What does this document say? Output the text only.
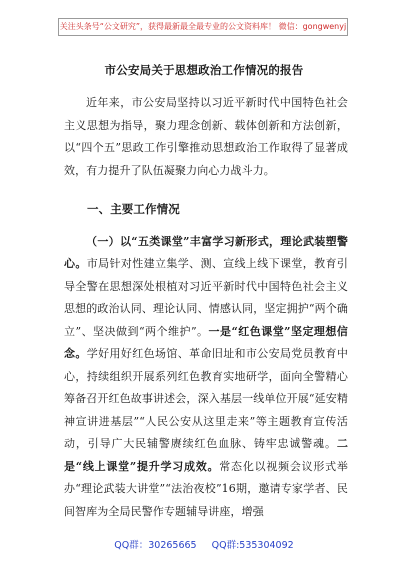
关注头条号“公文研究”，获得最新最全最专业的公文资料库！ 微信：gongwenyj
市公安局关于思想政治工作情况的报告

近年来，市公安局坚持以习近平新时代中国特色社会主义思想为指导，聚力理念创新、载体创新和方法创新，以“四个五”思政工作引擎推动思想政治工作取得了显著成效，有力提升了队伍凝聚力向心力战斗力。

一、主要工作情况

（一）以“五类课堂”丰富学习新形式，理论武装塑警心。市局针对性建立集学、测、宣线上线下课堂，教育引导全警在思想深处根植对习近平新时代中国特色社会主义思想的政治认同、理论认同、情感认同，坚定拥护“两个确立”、坚决做到“两个维护”。一是“红色课堂”坚定理想信念。学好用好红色场馆、革命旧址和市公安局党员教育中心，持续组织开展系列红色教育实地研学，面向全警精心筹备召开红色故事讲述会，深入基层一线单位开展“延安精神宣讲进基层”“人民公安从这里走来”等主题教育宣传活动，引导广大民辅警赓续红色血脉、铸牢忠诚警魂。二是“线上课堂”提升学习成效。常态化以视频会议形式举办“理论武装大讲堂”“法治夜校”16期，邀请专家学者、民间智库为全局民警作专题辅导讲座，增强

QQ群：30265665 QQ群:535304092
